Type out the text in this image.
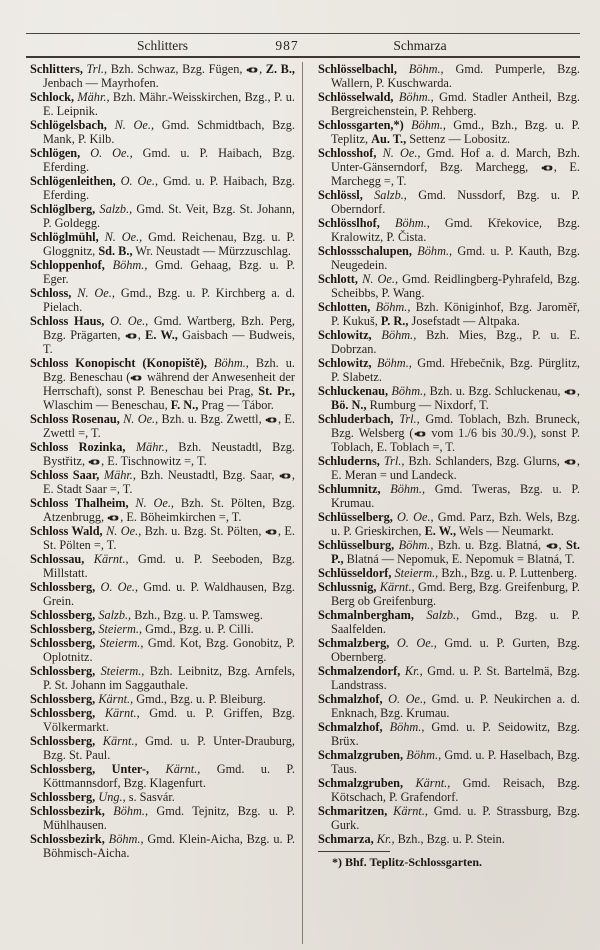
Schlitters	987	Schmarza

Schlitters, Trl., Bzh. Schwaz, Bzg. Fügen, , Z. B., Jenbach — Mayrhofen.

Schlock, Mähr., Bzh. Mähr.-Weisskirchen, Bzg., P. u. E. Leipnik.

Schlögelsbach, N. Oe., Gmd. Schmidtbach, Bzg. Mank, P. Kilb.

Schlögen, O. Oe., Gmd. u. P. Haibach, Bzg. Eferding.

Schlögenleithen, O. Oe., Gmd. u. P. Haibach, Bzg. Eferding.

Schlöglberg, Salzb., Gmd. St. Veit, Bzg. St. Johann, P. Goldegg.

Schlöglmühl, N. Oe., Gmd. Reichenau, Bzg. u. P. Gloggnitz, Sd. B., Wr. Neustadt — Mürzzuschlag.

Schloppenhof, Böhm., Gmd. Gehaag, Bzg. u. P. Eger.

Schloss, N. Oe., Gmd., Bzg. u. P. Kirchberg a. d. Pielach.

Schloss Haus, O. Oe., Gmd. Wartberg, Bzh. Perg, Bzg. Prägarten, , E. W., Gaisbach — Budweis, T.

Schloss Konopischt (Konopiště), Böhm., Bzh. u. Bzg. Beneschau ( während der Anwesenheit der Herrschaft), sonst P. Beneschau bei Prag, St. Pr., Wlaschim — Beneschau, F. N., Prag — Tábor.

Schloss Rosenau, N. Oe., Bzh. u. Bzg. Zwettl, , E. Zwettl =, T.

Schloss Rozinka, Mähr., Bzh. Neustadtl, Bzg. Bystřitz, , E. Tischnowitz =, T.

Schloss Saar, Mähr., Bzh. Neustadtl, Bzg. Saar, , E. Stadt Saar =, T.

Schloss Thalheim, N. Oe., Bzh. St. Pölten, Bzg. Atzenbrugg, , E. Böheimkirchen =, T.

Schloss Wald, N. Oe., Bzh. u. Bzg. St. Pölten, , E. St. Pölten =, T.

Schlossau, Kärnt., Gmd. u. P. Seeboden, Bzg. Millstatt.

Schlossberg, O. Oe., Gmd. u. P. Waldhausen, Bzg. Grein.

Schlossberg, Salzb., Bzh., Bzg. u. P. Tamsweg.

Schlossberg, Steierm., Gmd., Bzg. u. P. Cilli.

Schlossberg, Steierm., Gmd. Kot, Bzg. Gonobitz, P. Oplotnitz.

Schlossberg, Steierm., Bzh. Leibnitz, Bzg. Arnfels, P. St. Johann im Saggauthale.

Schlossberg, Kärnt., Gmd., Bzg. u. P. Bleiburg.

Schlossberg, Kärnt., Gmd. u. P. Griffen, Bzg. Völkermarkt.

Schlossberg, Kärnt., Gmd. u. P. Unter-Drauburg, Bzg. St. Paul.

Schlossberg, Unter-, Kärnt., Gmd. u. P. Köttmannsdorf, Bzg. Klagenfurt.

Schlossberg, Ung., s. Sasvár.

Schlossbezirk, Böhm., Gmd. Tejnitz, Bzg. u. P. Mühlhausen.

Schlossbezirk, Böhm., Gmd. Klein-Aicha, Bzg. u. P. Böhmisch-Aicha.

Schlösselbachl, Böhm., Gmd. Pumperle, Bzg. Wallern, P. Kuschwarda.

Schlösselwald, Böhm., Gmd. Stadler Antheil, Bzg. Bergreichenstein, P. Rehberg.

Schlossgarten,*) Böhm., Gmd., Bzh., Bzg. u. P. Teplitz, Au. T., Settenz — Lobositz.

Schlosshof, N. Oe., Gmd. Hof a. d. March, Bzh. Unter-Gänserndorf, Bzg. Marchegg, , E. Marchegg =, T.

Schlössl, Salzb., Gmd. Nussdorf, Bzg. u. P. Oberndorf.

Schlösslhof, Böhm., Gmd. Křekovice, Bzg. Kralowitz, P. Čista.

Schlossschalupen, Böhm., Gmd. u. P. Kauth, Bzg. Neugedein.

Schlott, N. Oe., Gmd. Reidlingberg-Pyhrafeld, Bzg. Scheibbs, P. Wang.

Schlotten, Böhm., Bzh. Königinhof, Bzg. Jaroměř, P. Kukuš, P. R., Josefstadt — Altpaka.

Schlowitz, Böhm., Bzh. Mies, Bzg., P. u. E. Dobrzan.

Schlowitz, Böhm., Gmd. Hřebečnik, Bzg. Pürglitz, P. Slabetz.

Schluckenau, Böhm., Bzh. u. Bzg. Schluckenau, , Bö. N., Rumburg — Nixdorf, T.

Schluderbach, Trl., Gmd. Toblach, Bzh. Bruneck, Bzg. Welsberg ( vom 1./6 bis 30./9.), sonst P. Toblach, E. Toblach =, T.

Schluderns, Trl., Bzh. Schlanders, Bzg. Glurns, , E. Meran = und Landeck.

Schlumnitz, Böhm., Gmd. Tweras, Bzg. u. P. Krumau.

Schlüsselberg, O. Oe., Gmd. Parz, Bzh. Wels, Bzg. u. P. Grieskirchen, E. W., Wels — Neumarkt.

Schlüsselburg, Böhm., Bzh. u. Bzg. Blatná, , St. P., Blatná — Nepomuk, E. Nepomuk = Blatná, T.

Schlüsseldorf, Steierm., Bzh., Bzg. u. P. Luttenberg.

Schlussnig, Kärnt., Gmd. Berg, Bzg. Greifenburg, P. Berg ob Greifenburg.

Schmalnbergham, Salzb., Gmd., Bzg. u. P. Saalfelden.

Schmalzberg, O. Oe., Gmd. u. P. Gurten, Bzg. Obernberg.

Schmalzendorf, Kr., Gmd. u. P. St. Bartelmä, Bzg. Landstrass.

Schmalzhof, O. Oe., Gmd. u. P. Neukirchen a. d. Enknach, Bzg. Krumau.

Schmalzhof, Böhm., Gmd. u. P. Seidowitz, Bzg. Brüx.

Schmalzgruben, Böhm., Gmd. u. P. Haselbach, Bzg. Taus.

Schmalzgruben, Kärnt., Gmd. Reisach, Bzg. Kötschach, P. Grafendorf.

Schmaritzen, Kärnt., Gmd. u. P. Strassburg, Bzg. Gurk.

Schmarza, Kr., Bzh., Bzg. u. P. Stein.

*) Bhf. Teplitz-Schlossgarten.
